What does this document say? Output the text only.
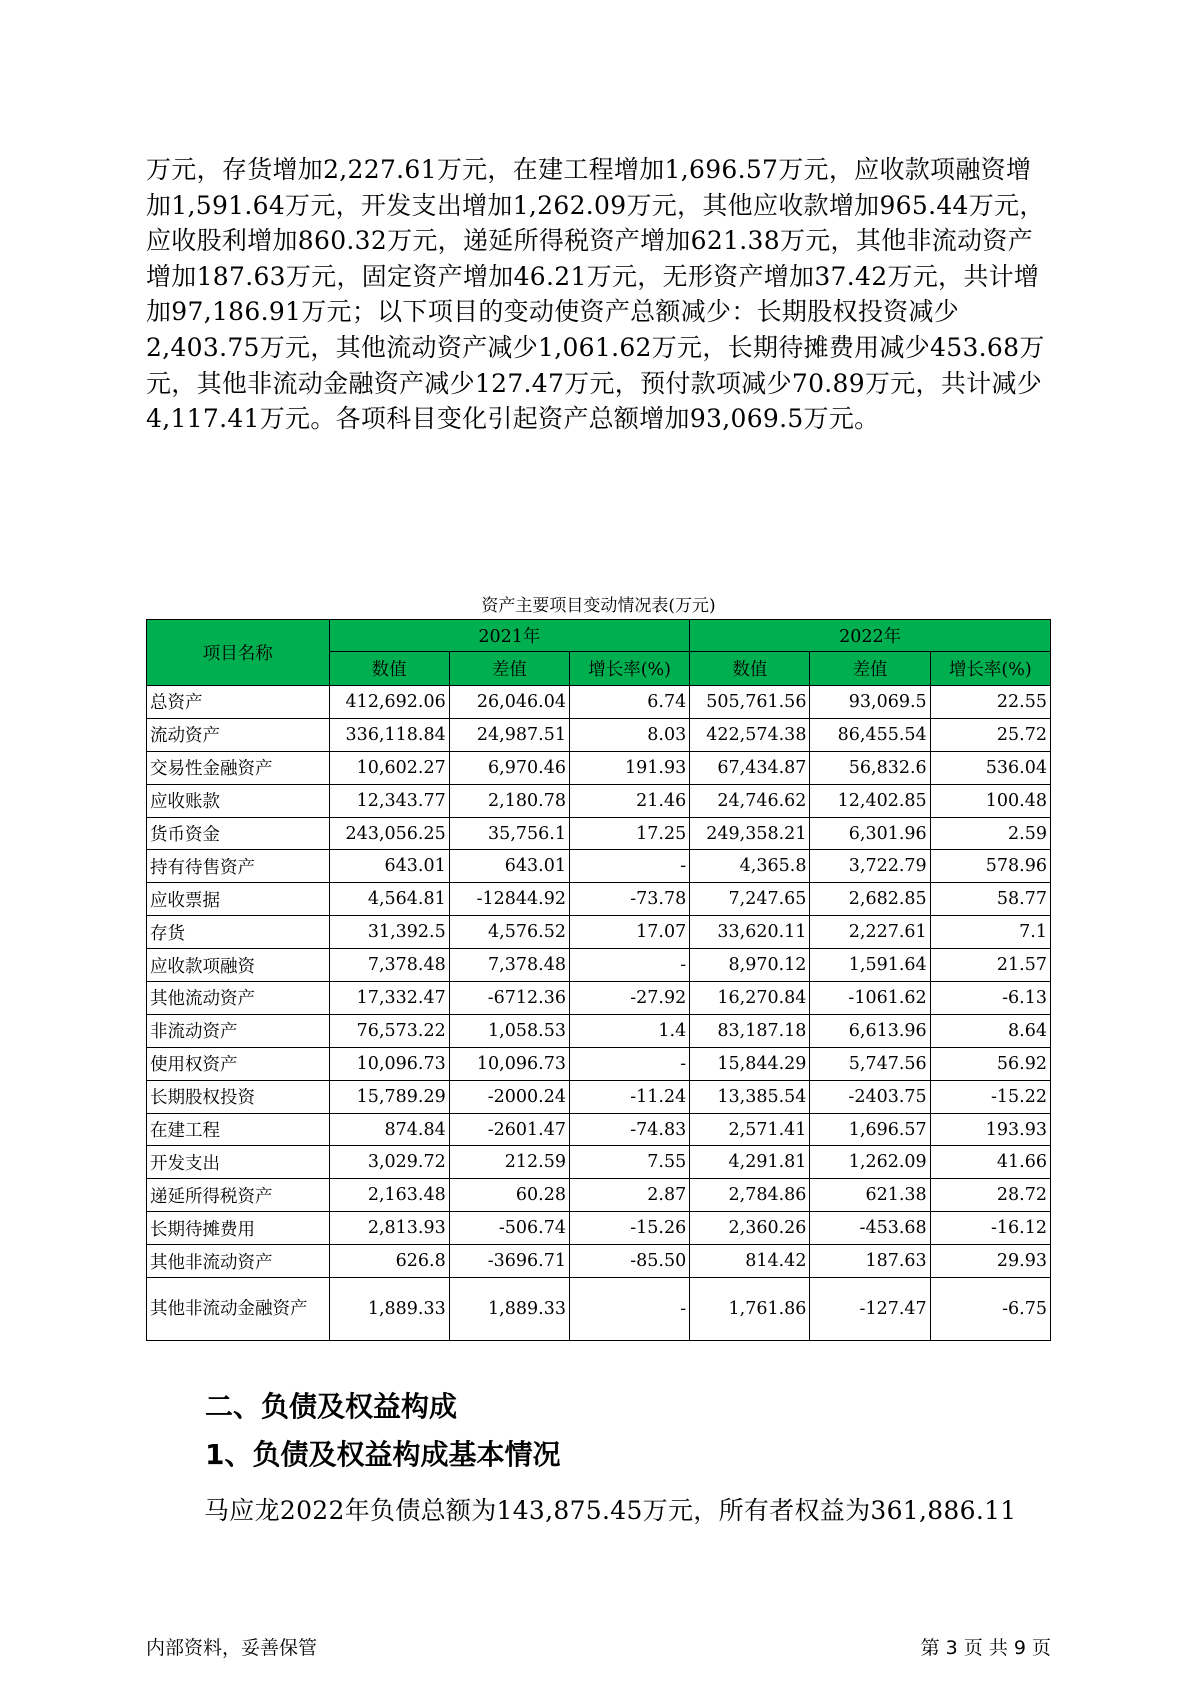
万元，存货增加2,227.61万元，在建工程增加1,696.57万元，应收款项融资增加1,591.64万元，开发支出增加1,262.09万元，其他应收款增加965.44万元，应收股利增加860.32万元，递延所得税资产增加621.38万元，其他非流动资产增加187.63万元，固定资产增加46.21万元，无形资产增加37.42万元，共计增加97,186.91万元；以下项目的变动使资产总额减少：长期股权投资减少2,403.75万元，其他流动资产减少1,061.62万元，长期待摊费用减少453.68万元，其他非流动金融资产减少127.47万元，预付款项减少70.89万元，共计减少4,117.41万元。各项科目变化引起资产总额增加93,069.5万元。

资产主要项目变动情况表(万元)
项目名称	2021年			2022年		
	数值	差值	增长率(%)	数值	差值	增长率(%)
总资产	412,692.06	26,046.04	6.74	505,761.56	93,069.5	22.55
流动资产	336,118.84	24,987.51	8.03	422,574.38	86,455.54	25.72
交易性金融资产	10,602.27	6,970.46	191.93	67,434.87	56,832.6	536.04
应收账款	12,343.77	2,180.78	21.46	24,746.62	12,402.85	100.48
货币资金	243,056.25	35,756.1	17.25	249,358.21	6,301.96	2.59
持有待售资产	643.01	643.01	-	4,365.8	3,722.79	578.96
应收票据	4,564.81	-12844.92	-73.78	7,247.65	2,682.85	58.77
存货	31,392.5	4,576.52	17.07	33,620.11	2,227.61	7.1
应收款项融资	7,378.48	7,378.48	-	8,970.12	1,591.64	21.57
其他流动资产	17,332.47	-6712.36	-27.92	16,270.84	-1061.62	-6.13
非流动资产	76,573.22	1,058.53	1.4	83,187.18	6,613.96	8.64
使用权资产	10,096.73	10,096.73	-	15,844.29	5,747.56	56.92
长期股权投资	15,789.29	-2000.24	-11.24	13,385.54	-2403.75	-15.22
在建工程	874.84	-2601.47	-74.83	2,571.41	1,696.57	193.93
开发支出	3,029.72	212.59	7.55	4,291.81	1,262.09	41.66
递延所得税资产	2,163.48	60.28	2.87	2,784.86	621.38	28.72
长期待摊费用	2,813.93	-506.74	-15.26	2,360.26	-453.68	-16.12
其他非流动资产	626.8	-3696.71	-85.50	814.42	187.63	29.93
其他非流动金融资产	1,889.33	1,889.33	-	1,761.86	-127.47	-6.75
二、负债及权益构成
1、负债及权益构成基本情况

马应龙2022年负债总额为143,875.45万元，所有者权益为361,886.11

内部资料，妥善保管	第 3 页 共 9 页
